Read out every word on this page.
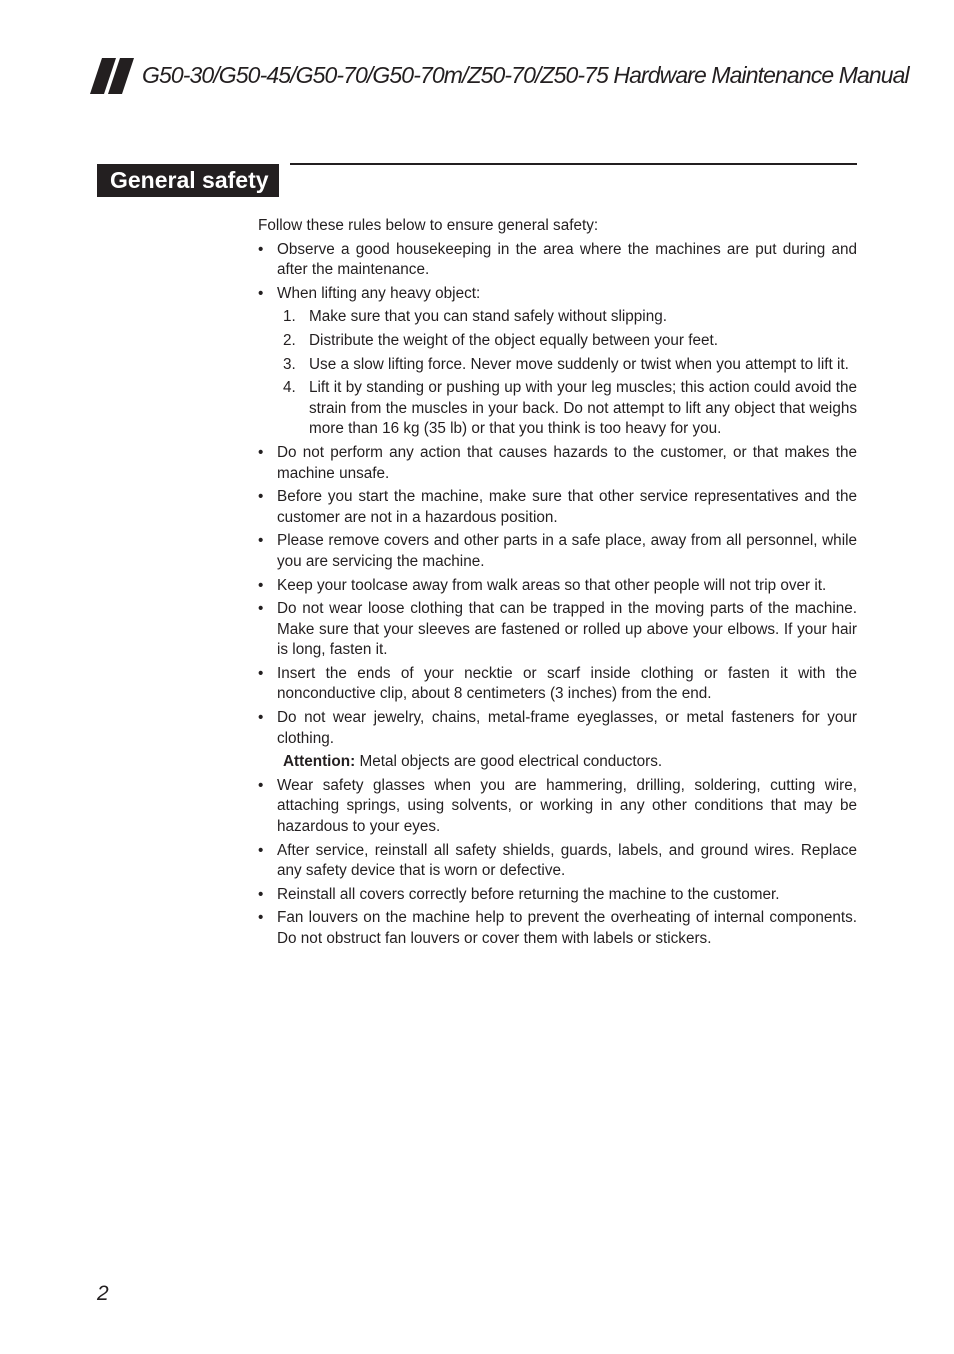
G50-30/G50-45/G50-70/G50-70m/Z50-70/Z50-75 Hardware Maintenance Manual
General safety

Follow these rules below to ensure general safety:

• Observe a good housekeeping in the area where the machines are put during and after the maintenance.
• When lifting any heavy object:
1. Make sure that you can stand safely without slipping.
2. Distribute the weight of the object equally between your feet.
3. Use a slow lifting force. Never move suddenly or twist when you attempt to lift it.
4. Lift it by standing or pushing up with your leg muscles; this action could avoid the strain from the muscles in your back. Do not attempt to lift any object that weighs more than 16 kg (35 lb) or that you think is too heavy for you.
• Do not perform any action that causes hazards to the customer, or that makes the machine unsafe.
• Before you start the machine, make sure that other service representatives and the customer are not in a hazardous position.
• Please remove covers and other parts in a safe place, away from all personnel, while you are servicing the machine.
• Keep your toolcase away from walk areas so that other people will not trip over it.
• Do not wear loose clothing that can be trapped in the moving parts of the machine. Make sure that your sleeves are fastened or rolled up above your elbows. If your hair is long, fasten it.
• Insert the ends of your necktie or scarf inside clothing or fasten it with the nonconductive clip, about 8 centimeters (3 inches) from the end.
• Do not wear jewelry, chains, metal-frame eyeglasses, or metal fasteners for your clothing.
Attention: Metal objects are good electrical conductors.
• Wear safety glasses when you are hammering, drilling, soldering, cutting wire, attaching springs, using solvents, or working in any other conditions that may be hazardous to your eyes.
• After service, reinstall all safety shields, guards, labels, and ground wires. Replace any safety device that is worn or defective.
• Reinstall all covers correctly before returning the machine to the customer.
• Fan louvers on the machine help to prevent the overheating of internal components. Do not obstruct fan louvers or cover them with labels or stickers.
2
